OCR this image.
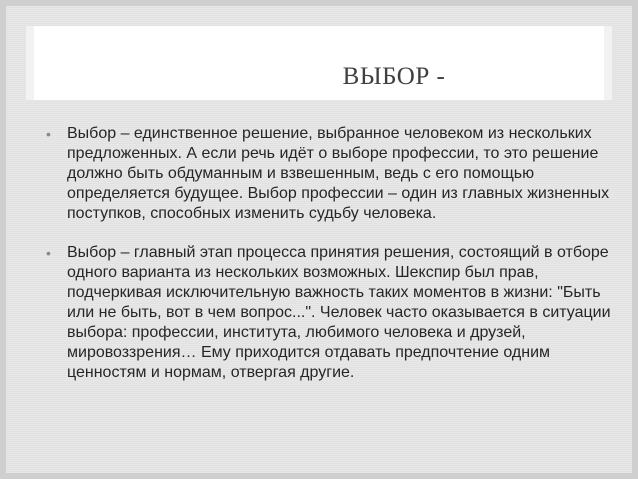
ВЫБОР -
• Выбор – единственное решение, выбранное человеком из нескольких предложенных. А если речь идёт о выборе профессии, то это решение должно быть обдуманным и взвешенным, ведь с его помощью определяется будущее. Выбор профессии – один из главных жизненных поступков, способных изменить судьбу человека.
• Выбор – главный этап процесса принятия решения, состоящий в отборе одного варианта из нескольких возможных. Шекспир был прав, подчеркивая исключительную важность таких моментов в жизни: "Быть или не быть, вот в чем вопрос...". Человек часто оказывается в ситуации выбора: профессии, института, любимого человека и друзей, мировоззрения… Ему приходится отдавать предпочтение одним ценностям и нормам, отвергая другие.
